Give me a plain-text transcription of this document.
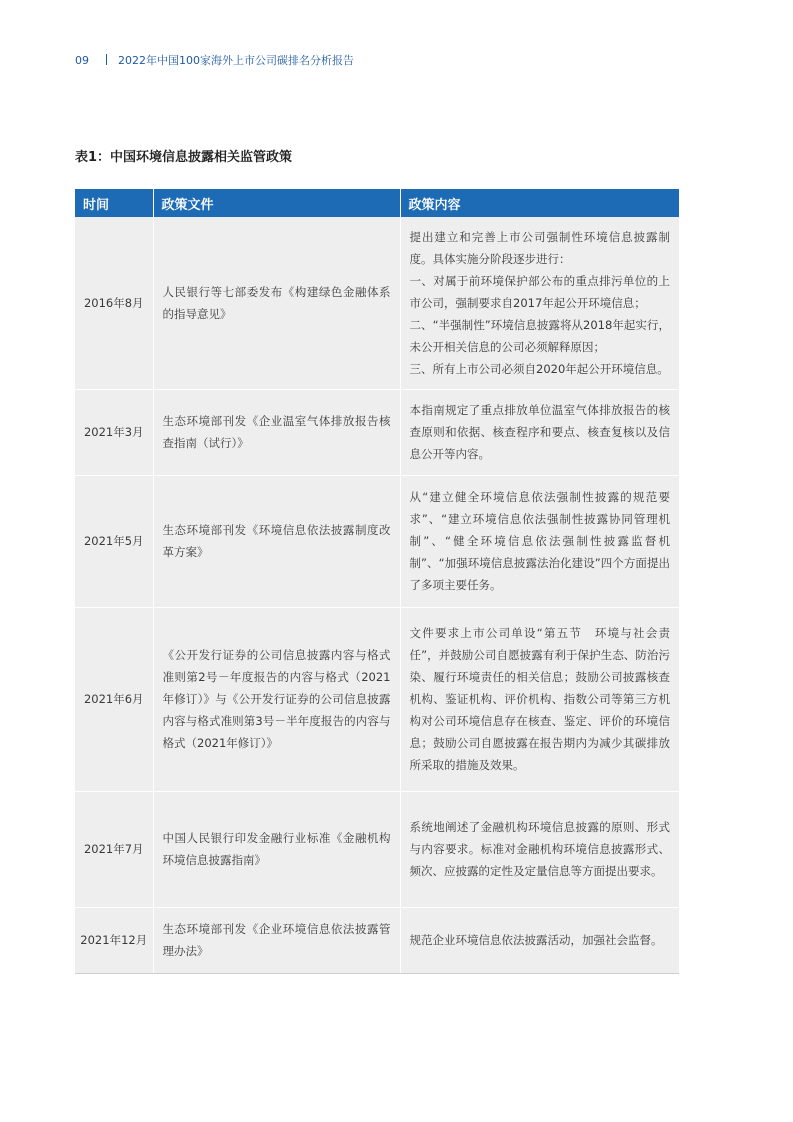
09	2022年中国100家海外上市公司碳排名分析报告
表1：中国环境信息披露相关监管政策
时间	政策文件	政策内容
2016年8月	人民银行等七部委发布《构建绿色金融体系的指导意见》	提出建立和完善上市公司强制性环境信息披露制度。具体实施分阶段逐步进行：
一、对属于前环境保护部公布的重点排污单位的上市公司，强制要求自2017年起公开环境信息；
二、“半强制性”环境信息披露将从2018年起实行，未公开相关信息的公司必须解释原因；
三、所有上市公司必须自2020年起公开环境信息。
2021年3月	生态环境部刊发《企业温室气体排放报告核查指南（试行）》	本指南规定了重点排放单位温室气体排放报告的核查原则和依据、核查程序和要点、核查复核以及信息公开等内容。
2021年5月	生态环境部刊发《环境信息依法披露制度改革方案》	从“建立健全环境信息依法强制性披露的规范要求”、“建立环境信息依法强制性披露协同管理机制”、“健全环境信息依法强制性披露监督机制”、“加强环境信息披露法治化建设”四个方面提出了多项主要任务。
2021年6月	《公开发行证券的公司信息披露内容与格式准则第2号－年度报告的内容与格式（2021年修订）》与《公开发行证券的公司信息披露内容与格式准则第3号－半年度报告的内容与格式（2021年修订）》	文件要求上市公司单设“第五节　环境与社会责任”，并鼓励公司自愿披露有利于保护生态、防治污染、履行环境责任的相关信息；鼓励公司披露核查机构、鉴证机构、评价机构、指数公司等第三方机构对公司环境信息存在核查、鉴定、评价的环境信息；鼓励公司自愿披露在报告期内为减少其碳排放所采取的措施及效果。
2021年7月	中国人民银行印发金融行业标准《金融机构环境信息披露指南》	系统地阐述了金融机构环境信息披露的原则、形式与内容要求。标准对金融机构环境信息披露形式、频次、应披露的定性及定量信息等方面提出要求。
2021年12月	生态环境部刊发《企业环境信息依法披露管理办法》	规范企业环境信息依法披露活动，加强社会监督。
